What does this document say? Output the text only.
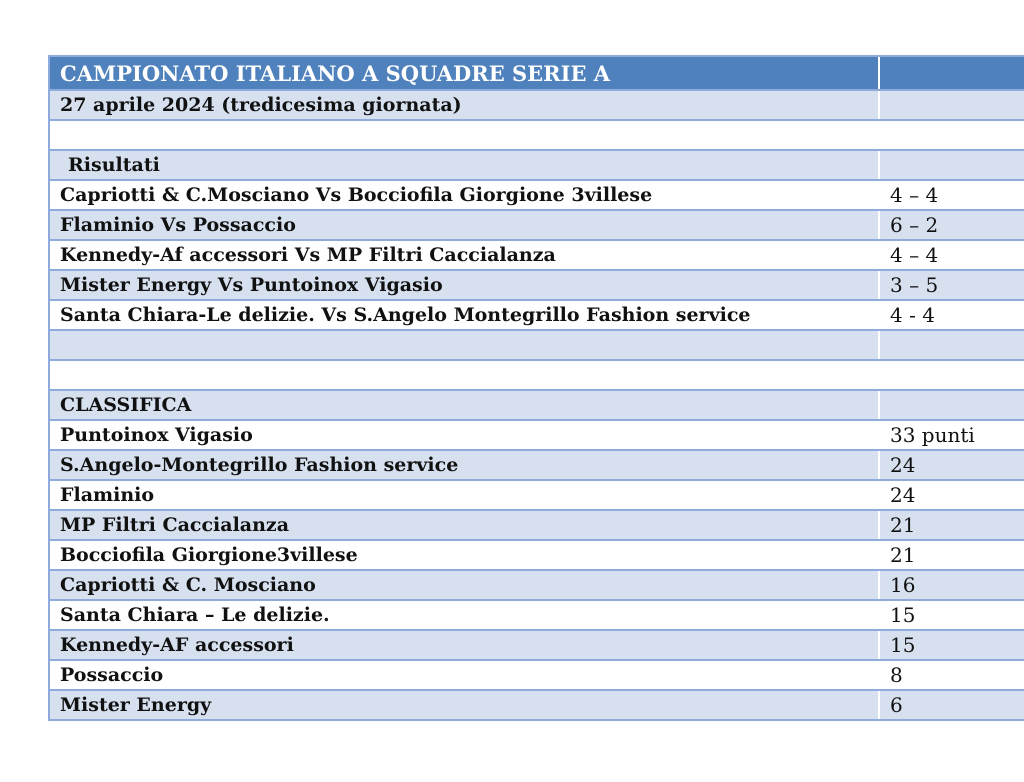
CAMPIONATO ITALIANO A SQUADRE SERIE A
27 aprile 2024 (tredicesima giornata)
Risultati
Capriotti & C.Mosciano Vs Bocciofila Giorgione 3villese	4 – 4
Flaminio Vs Possaccio	6 – 2
Kennedy-Af accessori Vs MP Filtri Caccialanza	4 – 4
Mister Energy Vs Puntoinox Vigasio	3 – 5
Santa Chiara-Le delizie. Vs S.Angelo Montegrillo Fashion service	4 - 4
CLASSIFICA
Puntoinox Vigasio	33 punti
S.Angelo-Montegrillo Fashion service	24
Flaminio	24
MP Filtri Caccialanza	21
Bocciofila Giorgione3villese	21
Capriotti & C. Mosciano	16
Santa Chiara – Le delizie.	15
Kennedy-AF accessori	15
Possaccio	8
Mister Energy	6
